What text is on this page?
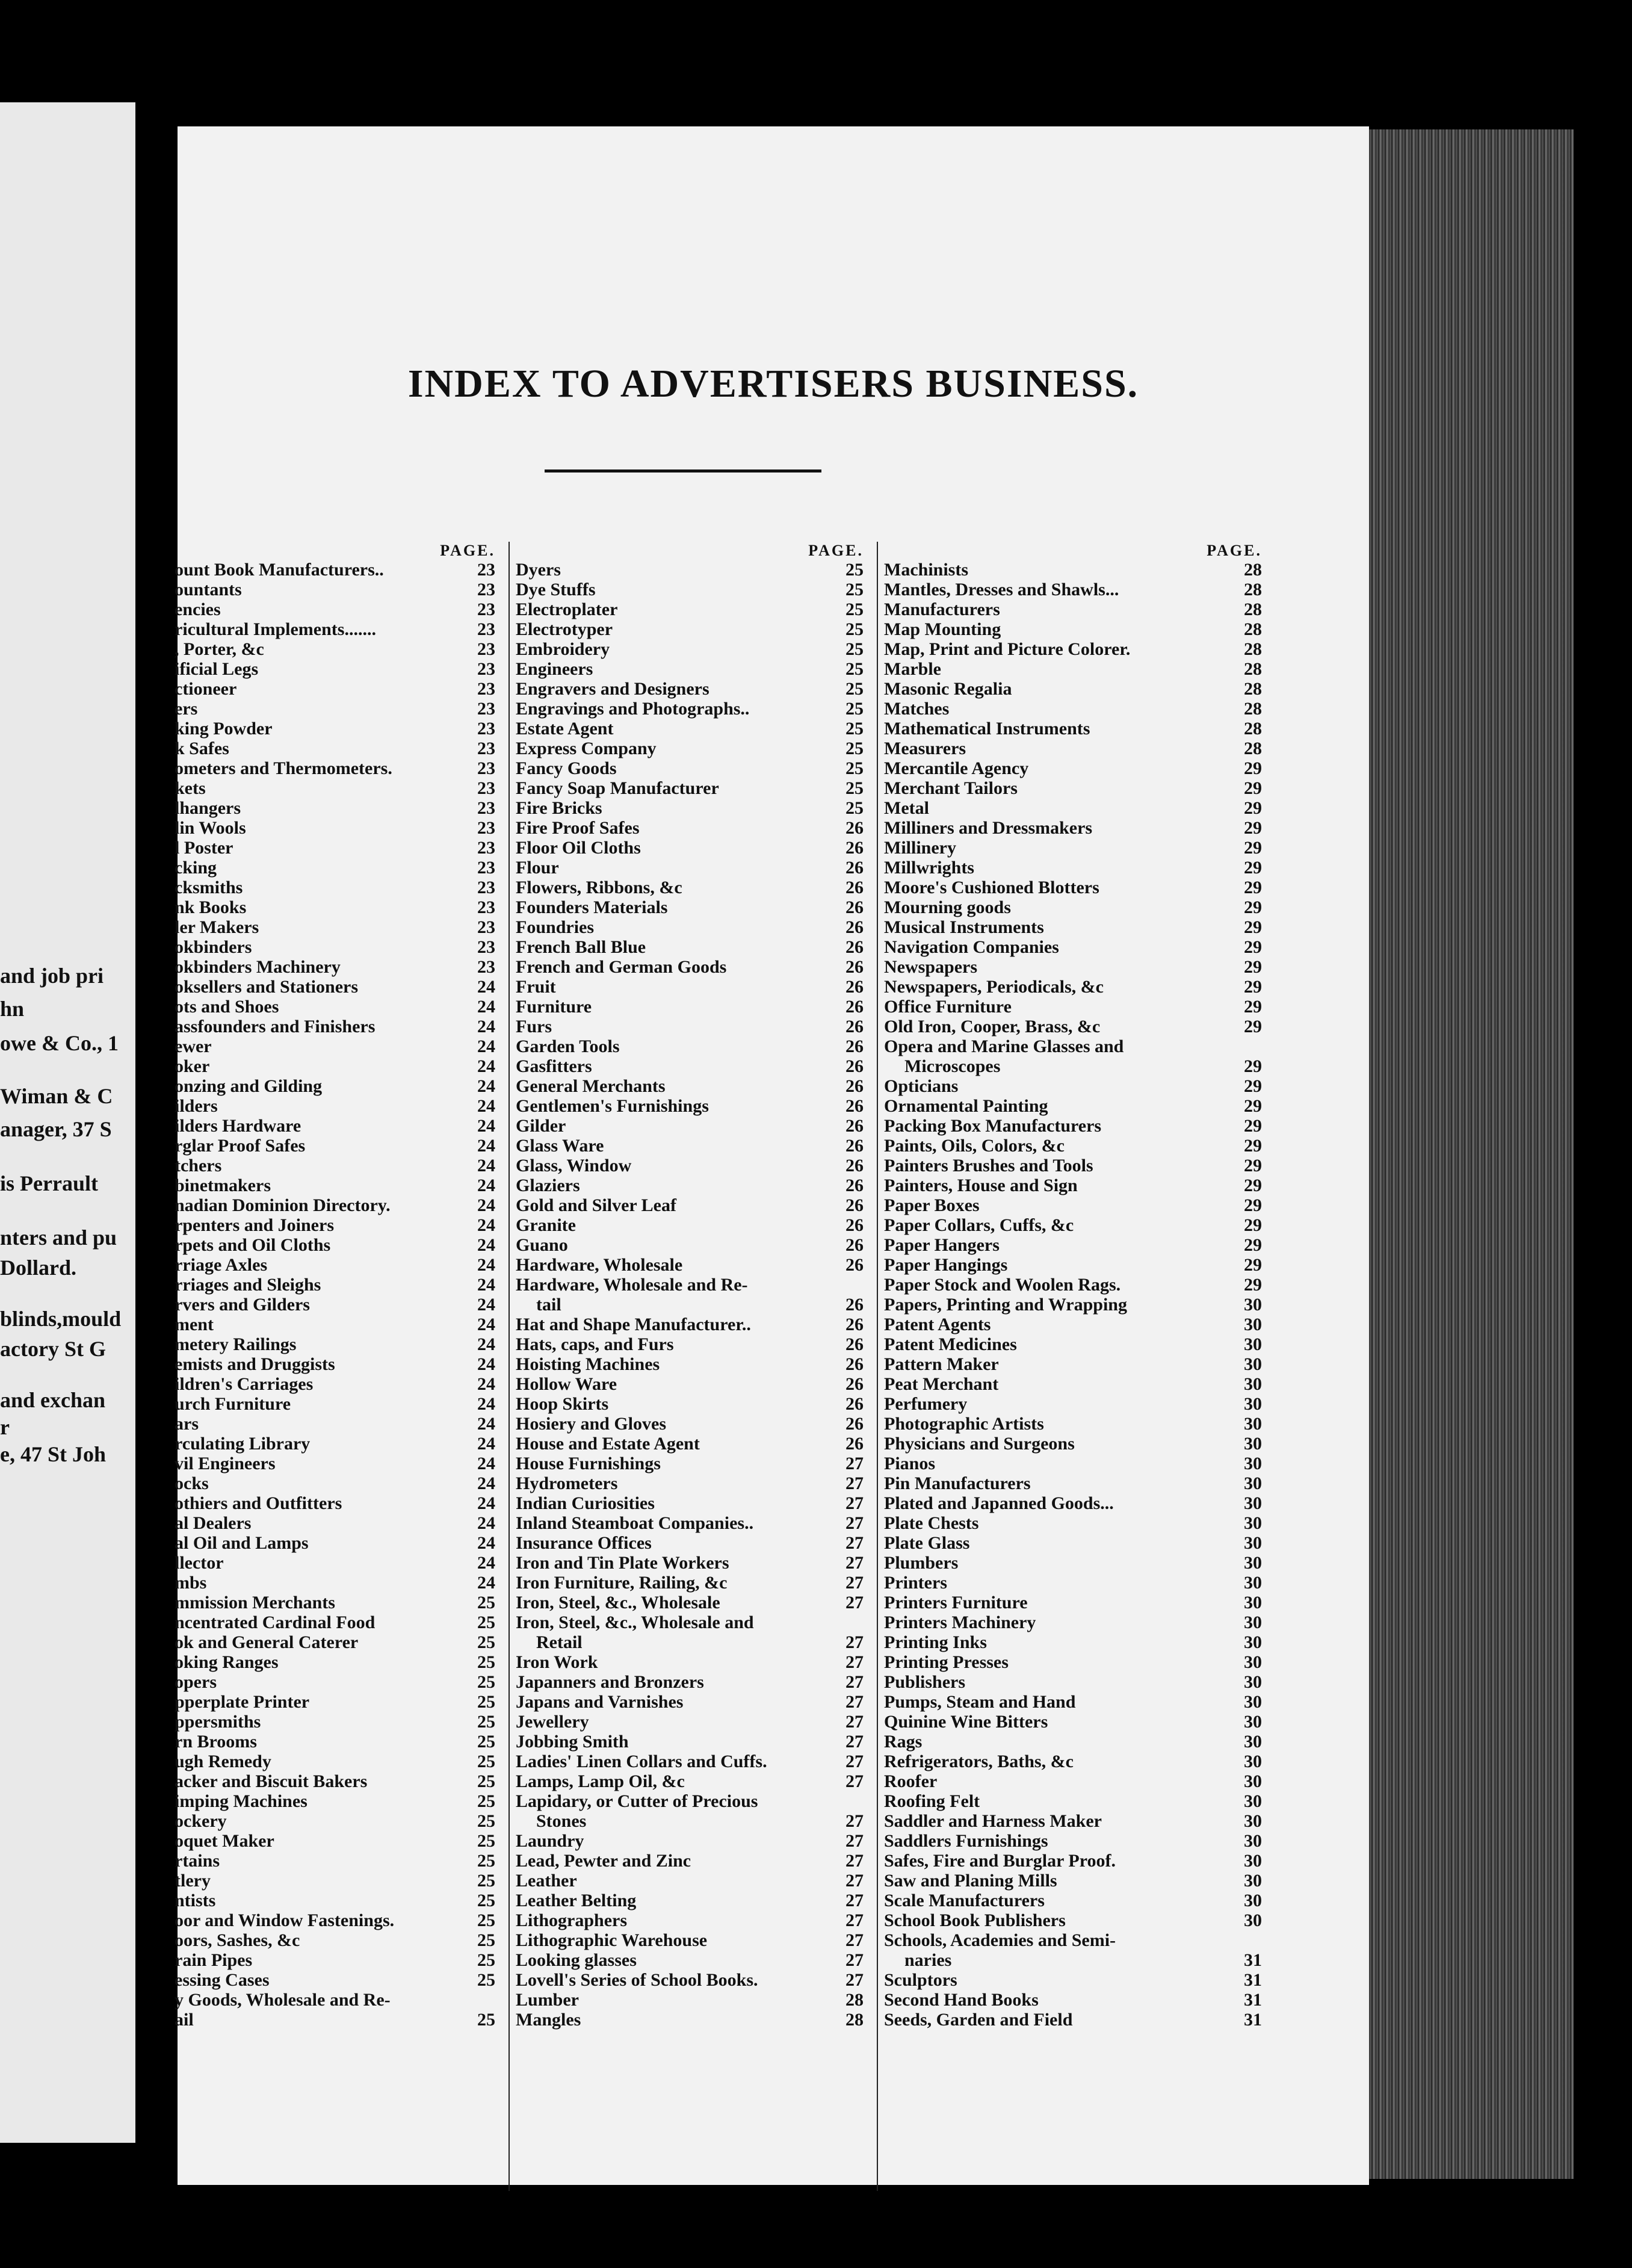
and job pri
hn
owe & Co., 1
Wiman & C
anager, 37 S
is Perrault
nters and pu
Dollard.
blinds,mould
actory St G
and exchan
r
e, 47 St Joh
INDEX TO ADVERTISERS BUSINESS.
PAGE.
ount Book Manufacturers..	23
ountants	23
encies	23
ricultural Implements.......	23
, Porter, &c	23
ificial Legs	23
ctioneer	23
ers	23
king Powder	23
k Safes	23
ometers and Thermometers.	23
kets	23
lhangers	23
lin Wools	23
l Poster	23
cking	23
cksmiths	23
nk Books	23
ler Makers	23
okbinders	23
okbinders Machinery	23
oksellers and Stationers	24
ots and Shoes	24
assfounders and Finishers	24
ewer	24
oker	24
onzing and Gilding	24
ilders	24
ilders Hardware	24
rglar Proof Safes	24
tchers	24
binetmakers	24
nadian Dominion Directory.	24
rpenters and Joiners	24
rpets and Oil Cloths	24
rriage Axles	24
rriages and Sleighs	24
rvers and Gilders	24
ment	24
metery Railings	24
emists and Druggists	24
ildren's Carriages	24
urch Furniture	24
ars	24
rculating Library	24
vil Engineers	24
ocks	24
othiers and Outfitters	24
al Dealers	24
al Oil and Lamps	24
llector	24
mbs	24
mmission Merchants	25
ncentrated Cardinal Food	25
ok and General Caterer	25
oking Ranges	25
opers	25
pperplate Printer	25
ppersmiths	25
rn Brooms	25
ugh Remedy	25
acker and Biscuit Bakers	25
imping Machines	25
ockery	25
oquet Maker	25
rtains	25
tlery	25
ntists	25
oor and Window Fastenings.	25
oors, Sashes, &c	25
rain Pipes	25
essing Cases	25
y Goods, Wholesale and Re-
ail	25
PAGE.
Dyers	25
Dye Stuffs	25
Electroplater	25
Electrotyper	25
Embroidery	25
Engineers	25
Engravers and Designers	25
Engravings and Photographs..	25
Estate Agent	25
Express Company	25
Fancy Goods	25
Fancy Soap Manufacturer	25
Fire Bricks	25
Fire Proof Safes	26
Floor Oil Cloths	26
Flour	26
Flowers, Ribbons, &c	26
Founders Materials	26
Foundries	26
French Ball Blue	26
French and German Goods	26
Fruit	26
Furniture	26
Furs	26
Garden Tools	26
Gasfitters	26
General Merchants	26
Gentlemen's Furnishings	26
Gilder	26
Glass Ware	26
Glass, Window	26
Glaziers	26
Gold and Silver Leaf	26
Granite	26
Guano	26
Hardware, Wholesale	26
Hardware, Wholesale and Re-
tail	26
Hat and Shape Manufacturer..	26
Hats, caps, and Furs	26
Hoisting Machines	26
Hollow Ware	26
Hoop Skirts	26
Hosiery and Gloves	26
House and Estate Agent	26
House Furnishings	27
Hydrometers	27
Indian Curiosities	27
Inland Steamboat Companies..	27
Insurance Offices	27
Iron and Tin Plate Workers	27
Iron Furniture, Railing, &c	27
Iron, Steel, &c., Wholesale	27
Iron, Steel, &c., Wholesale and
Retail	27
Iron Work	27
Japanners and Bronzers	27
Japans and Varnishes	27
Jewellery	27
Jobbing Smith	27
Ladies' Linen Collars and Cuffs.	27
Lamps, Lamp Oil, &c	27
Lapidary, or Cutter of Precious
Stones	27
Laundry	27
Lead, Pewter and Zinc	27
Leather	27
Leather Belting	27
Lithographers	27
Lithographic Warehouse	27
Looking glasses	27
Lovell's Series of School Books.	27
Lumber	28
Mangles	28
PAGE.
Machinists	28
Mantles, Dresses and Shawls...	28
Manufacturers	28
Map Mounting	28
Map, Print and Picture Colorer.	28
Marble	28
Masonic Regalia	28
Matches	28
Mathematical Instruments	28
Measurers	28
Mercantile Agency	29
Merchant Tailors	29
Metal	29
Milliners and Dressmakers	29
Millinery	29
Millwrights	29
Moore's Cushioned Blotters	29
Mourning goods	29
Musical Instruments	29
Navigation Companies	29
Newspapers	29
Newspapers, Periodicals, &c	29
Office Furniture	29
Old Iron, Cooper, Brass, &c	29
Opera and Marine Glasses and
Microscopes	29
Opticians	29
Ornamental Painting	29
Packing Box Manufacturers	29
Paints, Oils, Colors, &c	29
Painters Brushes and Tools	29
Painters, House and Sign	29
Paper Boxes	29
Paper Collars, Cuffs, &c	29
Paper Hangers	29
Paper Hangings	29
Paper Stock and Woolen Rags.	29
Papers, Printing and Wrapping	30
Patent Agents	30
Patent Medicines	30
Pattern Maker	30
Peat Merchant	30
Perfumery	30
Photographic Artists	30
Physicians and Surgeons	30
Pianos	30
Pin Manufacturers	30
Plated and Japanned Goods...	30
Plate Chests	30
Plate Glass	30
Plumbers	30
Printers	30
Printers Furniture	30
Printers Machinery	30
Printing Inks	30
Printing Presses	30
Publishers	30
Pumps, Steam and Hand	30
Quinine Wine Bitters	30
Rags	30
Refrigerators, Baths, &c	30
Roofer	30
Roofing Felt	30
Saddler and Harness Maker	30
Saddlers Furnishings	30
Safes, Fire and Burglar Proof.	30
Saw and Planing Mills	30
Scale Manufacturers	30
School Book Publishers	30
Schools, Academies and Semi-
naries	31
Sculptors	31
Second Hand Books	31
Seeds, Garden and Field	31
